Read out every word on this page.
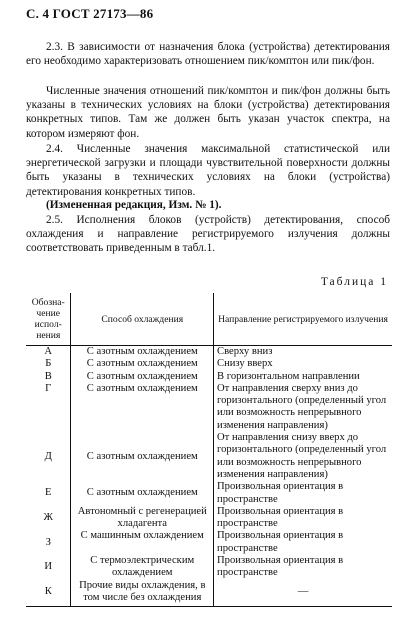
С. 4 ГОСТ 27173—86

2.3. В зависимости от назначения блока (устройства) детектирования его необходимо характеризовать отношением пик/комптон или пик/фон.

Численные значения отношений пик/комптон и пик/фон должны быть указаны в технических условиях на блоки (устройства) детектирования конкретных типов. Там же должен быть указан участок спектра, на котором измеряют фон.

2.4. Численные значения максимальной статистической или энергетической загрузки и площади чувствительной поверхности должны быть указаны в технических условиях на блоки (устройства) детектирования конкретных типов.

(Измененная редакция, Изм. № 1).

2.5. Исполнения блоков (устройств) детектирования, способ охлаждения и направление регистрируемого излучения должны соответствовать приведенным в табл.1.

Таблица 1
Обозна-чение испол-нения	Способ охлаждения	Направление регистрируемого излучения
А	С азотным охлаждением	Сверху вниз
Б	С азотным охлаждением	Снизу вверх
В	С азотным охлаждением	В горизонтальном направлении
Г	С азотным охлаждением	От направления сверху вниз до горизонтального (определенный угол или возможность непрерывного изменения направления)
Д	С азотным охлаждением	От направления снизу вверх до горизонтального (определенный угол или возможность непрерывного изменения направления)
Е	С азотным охлаждением	Произвольная ориентация в пространстве
Ж	Автономный с регенерацией хладагента	Произвольная ориентация в пространстве
З	С машинным охлаждением	Произвольная ориентация в пространстве
И	С термоэлектрическим охлаждением	Произвольная ориентация в пространстве
К	Прочие виды охлаждения, в том числе без охлаждения	—
